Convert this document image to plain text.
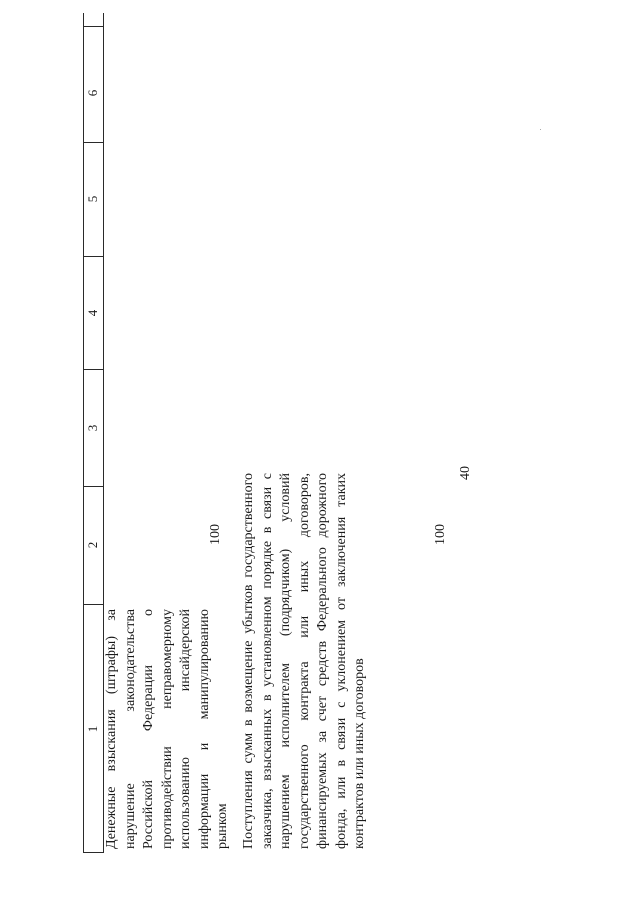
40
1
2
3
4
5
6
Денежные взыскания (штрафы) за нарушение законодательства Российской Федерации о противодействии неправомерному использованию инсайдерской информации и манипулированию рынком
100 Поступления сумм в возмещение убытков государственного заказчика, взысканных в установленном порядке в связи с нарушением исполнителем (подрядчиком) условий государственного контракта или иных договоров, финансируемых за счет средств Федерального дорожного фонда, или в связи с уклонением от заключения таких контрактов или иных договоров
100
